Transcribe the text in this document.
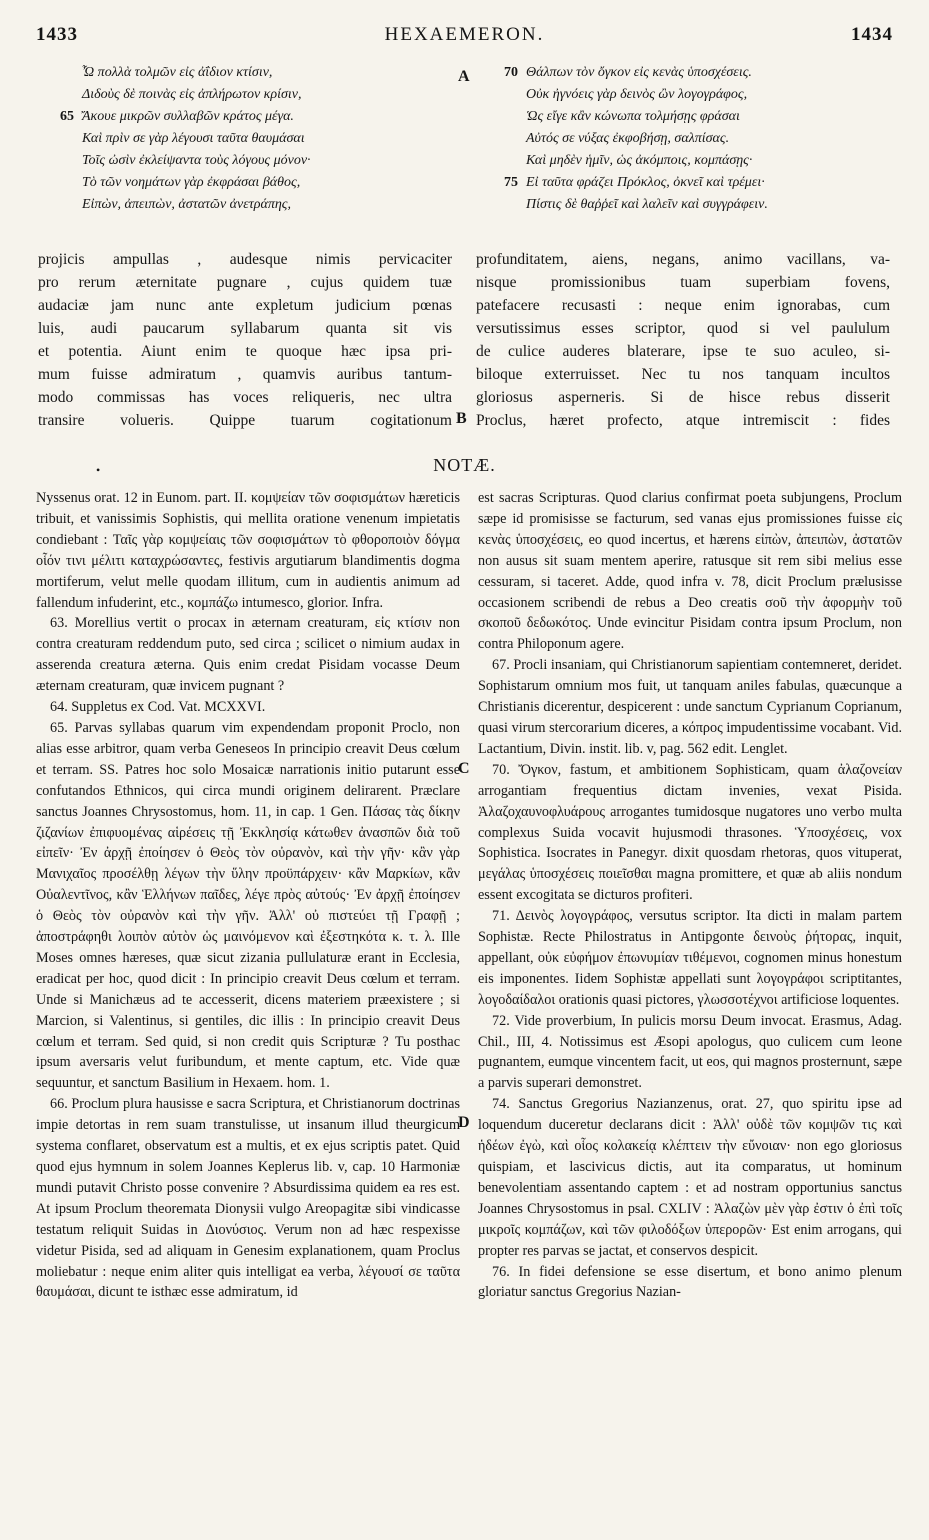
1433	HEXAEMERON.	1434
Ὦ πολλὰ τολμῶν εἰς ἀΐδιον κτίσιν,
Διδοὺς δὲ ποινὰς εἰς ἀπλήρωτον κρίσιν,
65 Ἄκουε μικρῶν συλλαβῶν κράτος μέγα.
Καὶ πρὶν σε γὰρ λέγουσι ταῦτα θαυμάσαι
Τοῖς ὠσὶν ἐκλείψαντα τοὺς λόγους μόνον·
Τὸ τῶν νοημάτων γὰρ ἐκφράσαι βάθος,
Εἰπὼν, ἀπειπὼν, ἀστατῶν ἀνετράπης,
A 70 Θάλπων τὸν ὄγκον εἰς κενὰς ὑποσχέσεις.
Οὐκ ἠγνόεις γὰρ δεινὸς ὢν λογογράφος,
Ὡς εἴγε κἂν κώνωπα τολμήσῃς φράσαι
Αὐτός σε νύξας ἐκφοβήσῃ, σαλπίσας.
Καὶ μηδὲν ἡμῖν, ὡς ἀκόμποις, κομπάσῃς·
75 Εἰ ταῦτα φράζει Πρόκλος, ὀκνεῖ καὶ τρέμει·
Πίστις δὲ θαῤῥεῖ καὶ λαλεῖν καὶ συγγράφειν.
projicis ampullas , audesque nimis pervicaciter
pro rerum æternitate pugnare , cujus quidem tuæ
audaciæ jam nunc ante expletum judicium pœnas
luis, audi paucarum syllabarum quanta sit vis
et potentia. Aiunt enim te quoque hæc ipsa pri-
mum fuisse admiratum , quamvis auribus tantum-
modo commissas has voces reliqueris, nec ultra
transire volueris. Quippe tuarum cogitationum B
profunditatem, aiens, negans, animo vacillans, va-
nisque promissionibus tuam superbiam fovens,
patefacere recusasti : neque enim ignorabas, cum
versutissimus esses scriptor, quod si vel paululum
de culice auderes blaterare, ipse te suo aculeo, si-
biloque exterruisset. Nec tu nos tanquam incultos
gloriosus asperneris. Si de hisce rebus disserit
Proclus, hæret profecto, atque intremiscit : fides
•	NOTÆ.

Nyssenus orat. 12 in Eunom. part. II. κομψείαν τῶν σοφισμάτων hæreticis tribuit, et vanissimis Sophistis, qui mellita oratione venenum impietatis condiebant : Ταῖς γὰρ κομψείαις τῶν σοφισμάτων τὸ φθοροποιὸν δόγμα οἷόν τινι μέλιτι καταχρώσαντες, festivis argutiarum blandimentis dogma mortiferum, velut melle quodam illitum, cum in audientis animum ad fallendum infuderint, etc., κομπάζω intumesco, glorior. Infra.

63. Morellius vertit o procax in æternam creaturam, εἰς κτίσιν non contra creaturam reddendum puto, sed circa ; scilicet o nimium audax in asserenda creatura æterna. Quis enim credat Pisidam vocasse Deum æternam creaturam, quæ invicem pugnant ?

64. Suppletus ex Cod. Vat. MCXXVI.

65. Parvas syllabas quarum vim expendendam proponit Proclo, non alias esse arbitror, quam verba Geneseos In principio creavit Deus cœlum et terram. SS. Patres hoc solo Mosaicæ narrationis initio putarunt esse confutandos Ethnicos, qui circa mundi originem delirarent. Præclare sanctus Joannes Chrysostomus, hom. 11, in cap. 1 Gen. Πάσας τὰς δίκην ζιζανίων ἐπιφυομένας αἱρέσεις τῇ Ἐκκλησίᾳ κάτωθεν ἀνασπῶν διὰ τοῦ εἰπεῖν· Ἐν ἀρχῇ ἐποίησεν ὁ Θεὸς τὸν οὐρανὸν, καὶ τὴν γῆν· κἂν γὰρ Μανιχαῖος προσέλθῃ λέγων τὴν ὕλην προϋπάρχειν· κἂν Μαρκίων, κἂν Οὐαλεντῖνος, κἂν Ἑλλήνων παῖδες, λέγε πρὸς αὐτούς· Ἐν ἀρχῇ ἐποίησεν ὁ Θεὸς τὸν οὐρανὸν καὶ τὴν γῆν. Ἀλλ' οὐ πιστεύει τῇ Γραφῇ ; ἀποστράφηθι λοιπὸν αὐτὸν ὡς μαινόμενον καὶ ἐξεστηκότα κ. τ. λ. Ille Moses omnes hæreses, quæ sicut zizania pullulaturæ erant in Ecclesia, eradicat per hoc, quod dicit : In principio creavit Deus cœlum et terram. Unde si Manichæus ad te accesserit, dicens materiem præexistere ; si Marcion, si Valentinus, si gentiles, dic illis : In principio creavit Deus cœlum et terram. Sed quid, si non credit quis Scripturæ ? Tu posthac ipsum aversaris velut furibundum, et mente captum, etc. Vide quæ sequuntur, et sanctum Basilium in Hexaem. hom. 1.

66. Proclum plura hausisse e sacra Scriptura, et Christianorum doctrinas impie detortas in rem suam transtulisse, ut insanum illud theurgicum systema conflaret, observatum est a multis, et ex ejus scriptis patet. Quid quod ejus hymnum in solem Joannes Keplerus lib. v, cap. 10 Harmoniæ mundi putavit Christo posse convenire ? Absurdissima quidem ea res est. At ipsum Proclum theoremata Dionysii vulgo Areopagitæ sibi vindicasse testatum reliquit Suidas in Διονύσιος. Verum non ad hæc respexisse videtur Pisida, sed ad aliquam in Genesim explanationem, quam Proclus moliebatur : neque enim aliter quis intelligat ea verba, λέγουσί σε ταῦτα θαυμάσαι, dicunt te isthæc esse admiratum, id

C
D

est sacras Scripturas. Quod clarius confirmat poeta subjungens, Proclum sæpe id promisisse se facturum, sed vanas ejus promissiones fuisse εἰς κενὰς ὑποσχέσεις, eo quod incertus, et hærens εἰπὼν, ἀπειπὼν, ἀστατῶν non ausus sit suam mentem aperire, ratusque sit rem sibi melius esse cessuram, si taceret. Adde, quod infra v. 78, dicit Proclum prælusisse occasionem scribendi de rebus a Deo creatis σοῦ τὴν ἀφορμὴν τοῦ σκοποῦ δεδωκότος. Unde evincitur Pisidam contra ipsum Proclum, non contra Philoponum agere.

67. Procli insaniam, qui Christianorum sapientiam contemneret, deridet. Sophistarum omnium mos fuit, ut tanquam aniles fabulas, quæcunque a Christianis dicerentur, despicerent : unde sanctum Cyprianum Coprianum, quasi virum stercorarium diceres, a κόπρος impudentissime vocabant. Vid. Lactantium, Divin. instit. lib. v, pag. 562 edit. Lenglet.

70. Ὄγκον, fastum, et ambitionem Sophisticam, quam ἀλαζονείαν arrogantiam frequentius dictam invenies, vexat Pisida. Ἀλαζοχαυνοφλυάρους arrogantes tumidosque nugatores uno verbo multa complexus Suida vocavit hujusmodi thrasones. Ὑποσχέσεις, vox Sophistica. Isocrates in Panegyr. dixit quosdam rhetoras, quos vituperat, μεγάλας ὑποσχέσεις ποιεῖσθαι magna promittere, et quæ ab aliis nondum essent excogitata se dicturos profiteri.

71. Δεινὸς λογογράφος, versutus scriptor. Ita dicti in malam partem Sophistæ. Recte Philostratus in Antipgonte δεινοὺς ῥήτορας, inquit, appellant, οὐκ εὐφήμον ἐπωνυμίαν τιθέμενοι, cognomen minus honestum eis imponentes. Iidem Sophistæ appellati sunt λογογράφοι scriptitantes, λογοδαίδαλοι orationis quasi pictores, γλωσσοτέχνοι artificiose loquentes.

72. Vide proverbium, In pulicis morsu Deum invocat. Erasmus, Adag. Chil., III, 4. Notissimus est Æsopi apologus, quo culicem cum leone pugnantem, eumque vincentem facit, ut eos, qui magnos prosternunt, sæpe a parvis superari demonstret.

74. Sanctus Gregorius Nazianzenus, orat. 27, quo spiritu ipse ad loquendum duceretur declarans dicit : Ἀλλ' οὐδὲ τῶν κομψῶν τις καὶ ἡδέων ἐγὼ, καὶ οἷος κολακείᾳ κλέπτειν τὴν εὔνοιαν· non ego gloriosus quispiam, et lascivicus dictis, aut ita comparatus, ut hominum benevolentiam assentando captem : et ad nostram opportunius sanctus Joannes Chrysostomus in psal. CXLIV : Ἀλαζὼν μὲν γὰρ ἐστιν ὁ ἐπὶ τοῖς μικροῖς κομπάζων, καὶ τῶν φιλοδόξων ὑπερορῶν· Est enim arrogans, qui propter res parvas se jactat, et conservos despicit.

76. In fidei defensione se esse disertum, et bono animo plenum gloriatur sanctus Gregorius Nazian-
